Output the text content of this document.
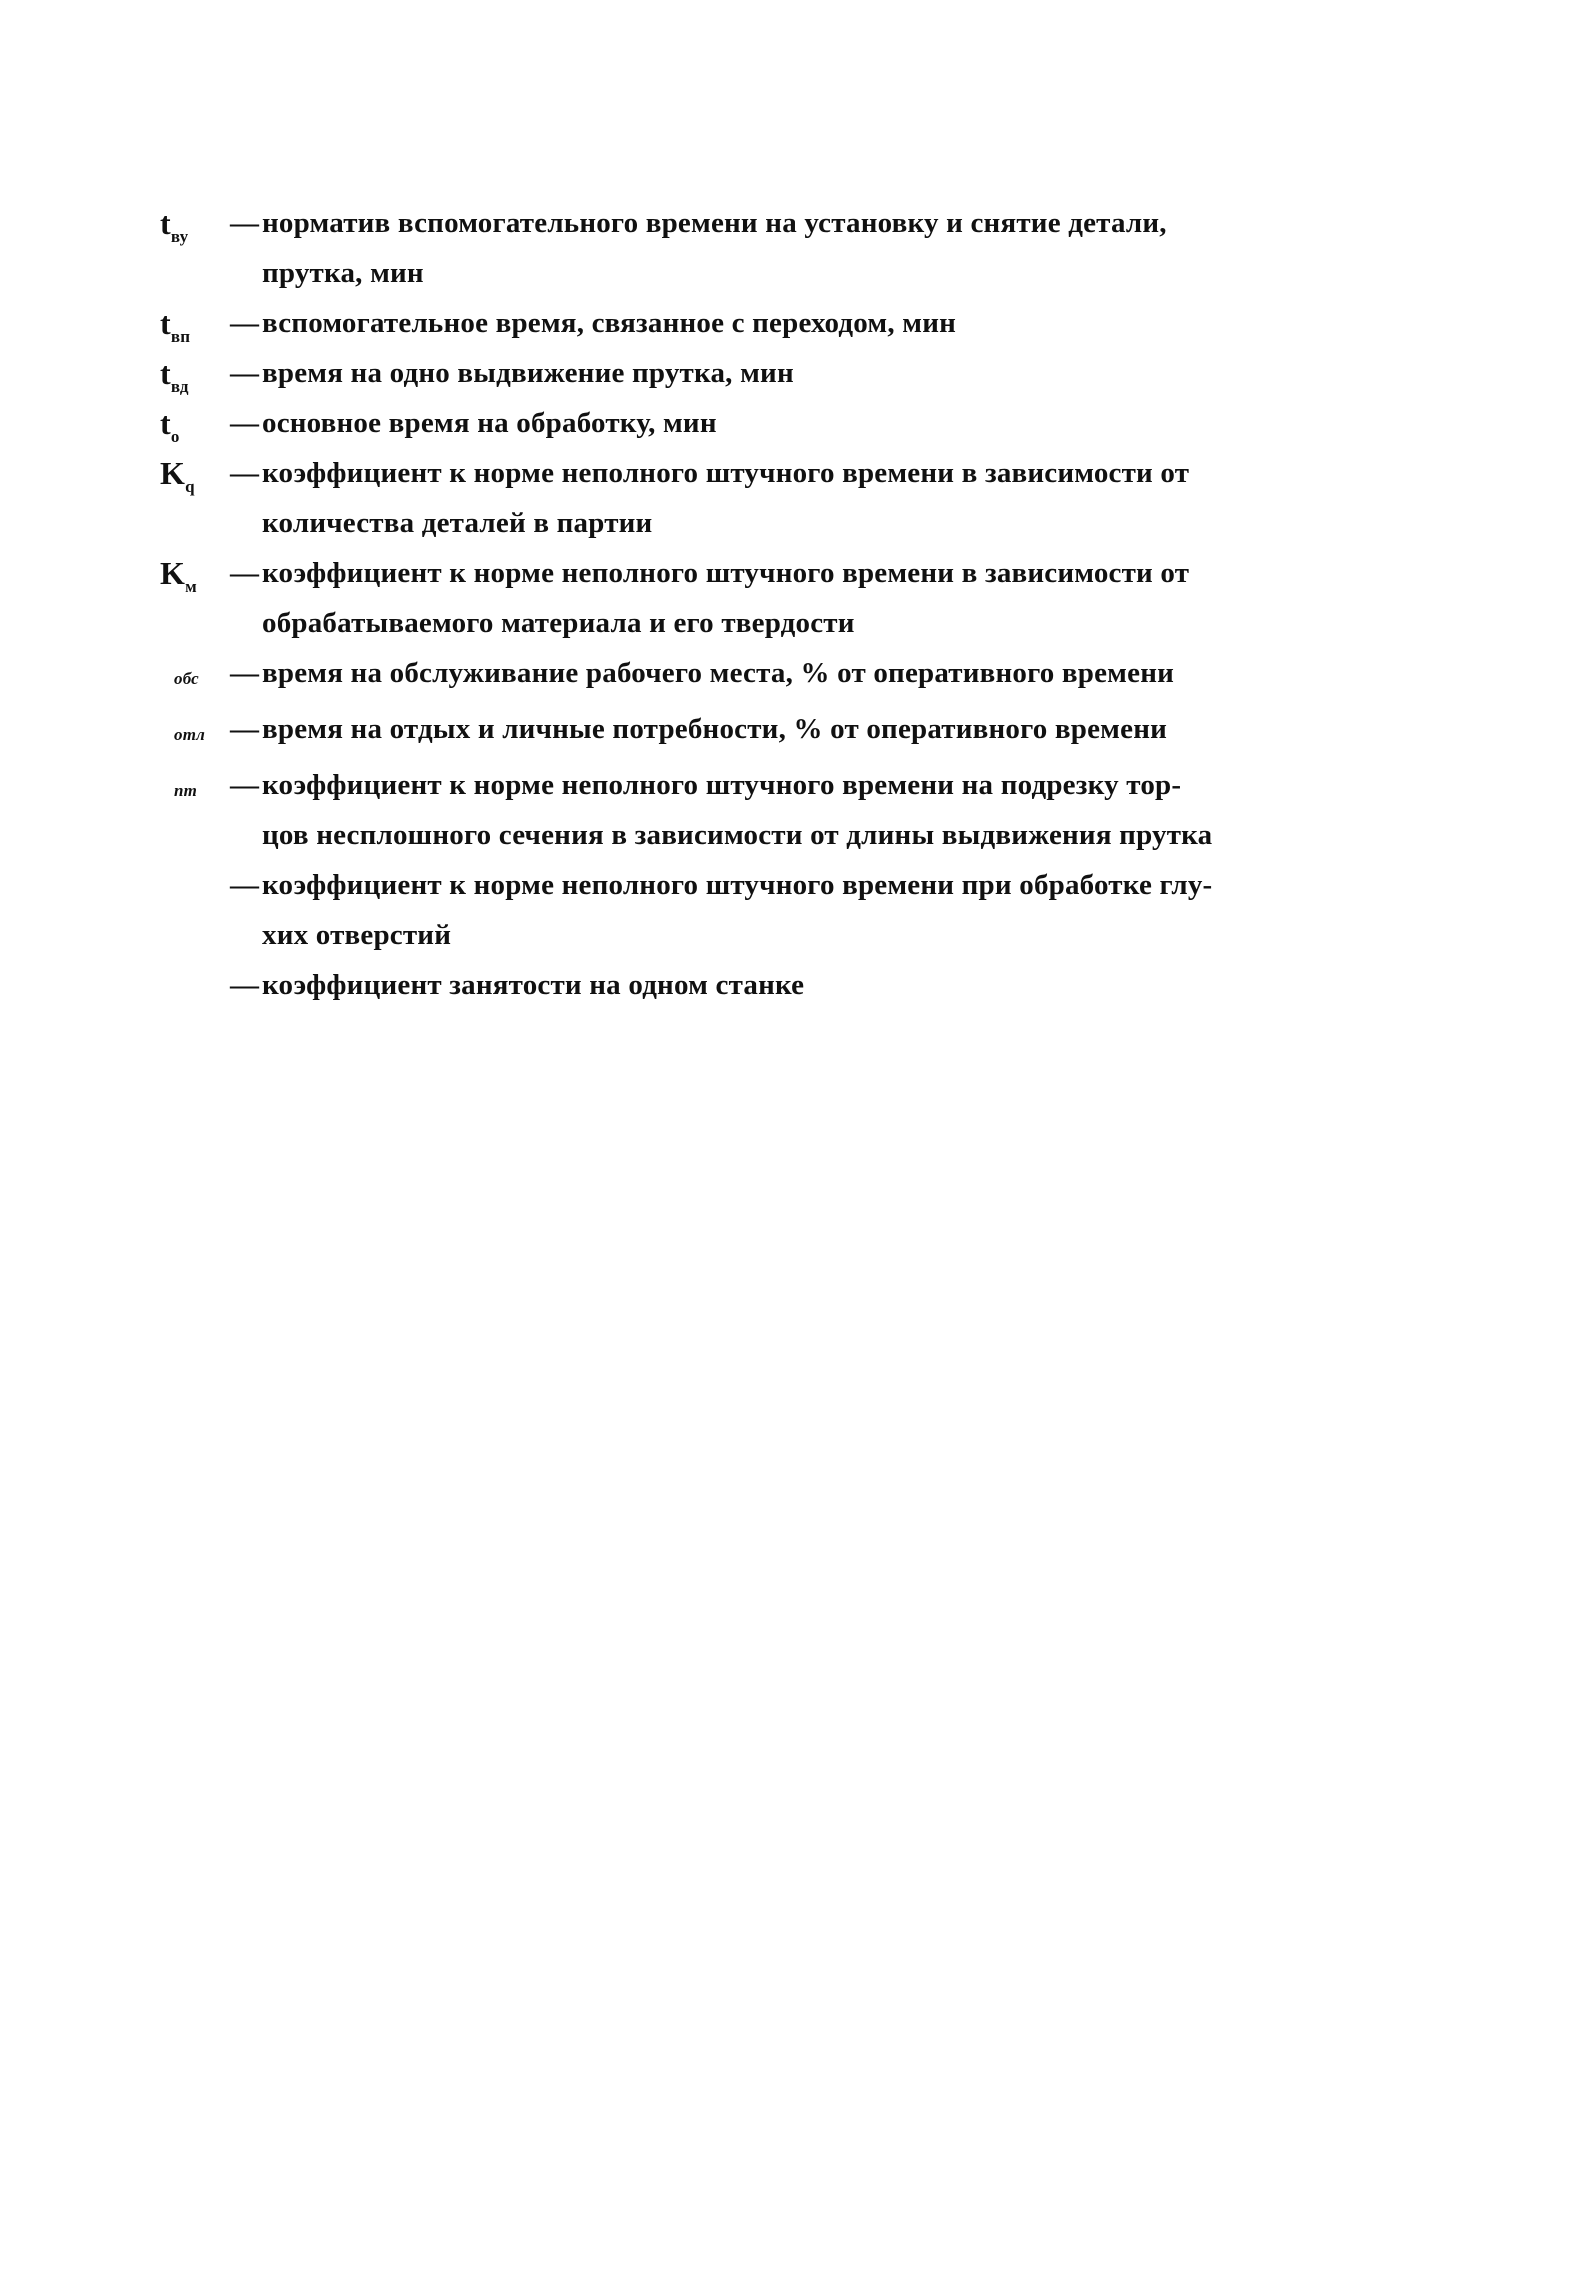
$t_{ву}$	— норматив вспомогательного времени на установку и снятие детали,
прутка, мин
$t_{вп}$	— вспомогательное время, связанное с переходом, мин
$t_{вд}$	— время на одно выдвижение прутка, мин
$t_о$	— основное время на обработку, мин
$K_q$	— коэффициент к норме неполного штучного времени в зависимости от
количества деталей в партии
$K_м$	— коэффициент к норме неполного штучного времени в зависимости от
обрабатываемого материала и его твердости
обс	— время на обслуживание рабочего места, % от оперативного времени
отл — время на отдых и личные потребности, % от оперативного времени
пт	— коэффициент к норме неполного штучного времени на подрезку тор-
цов несплошного сечения в зависимости от длины выдвижения прутка
— коэффициент к норме неполного штучного времени при обработке глу-
хих отверстий
— коэффициент занятости на одном станке
